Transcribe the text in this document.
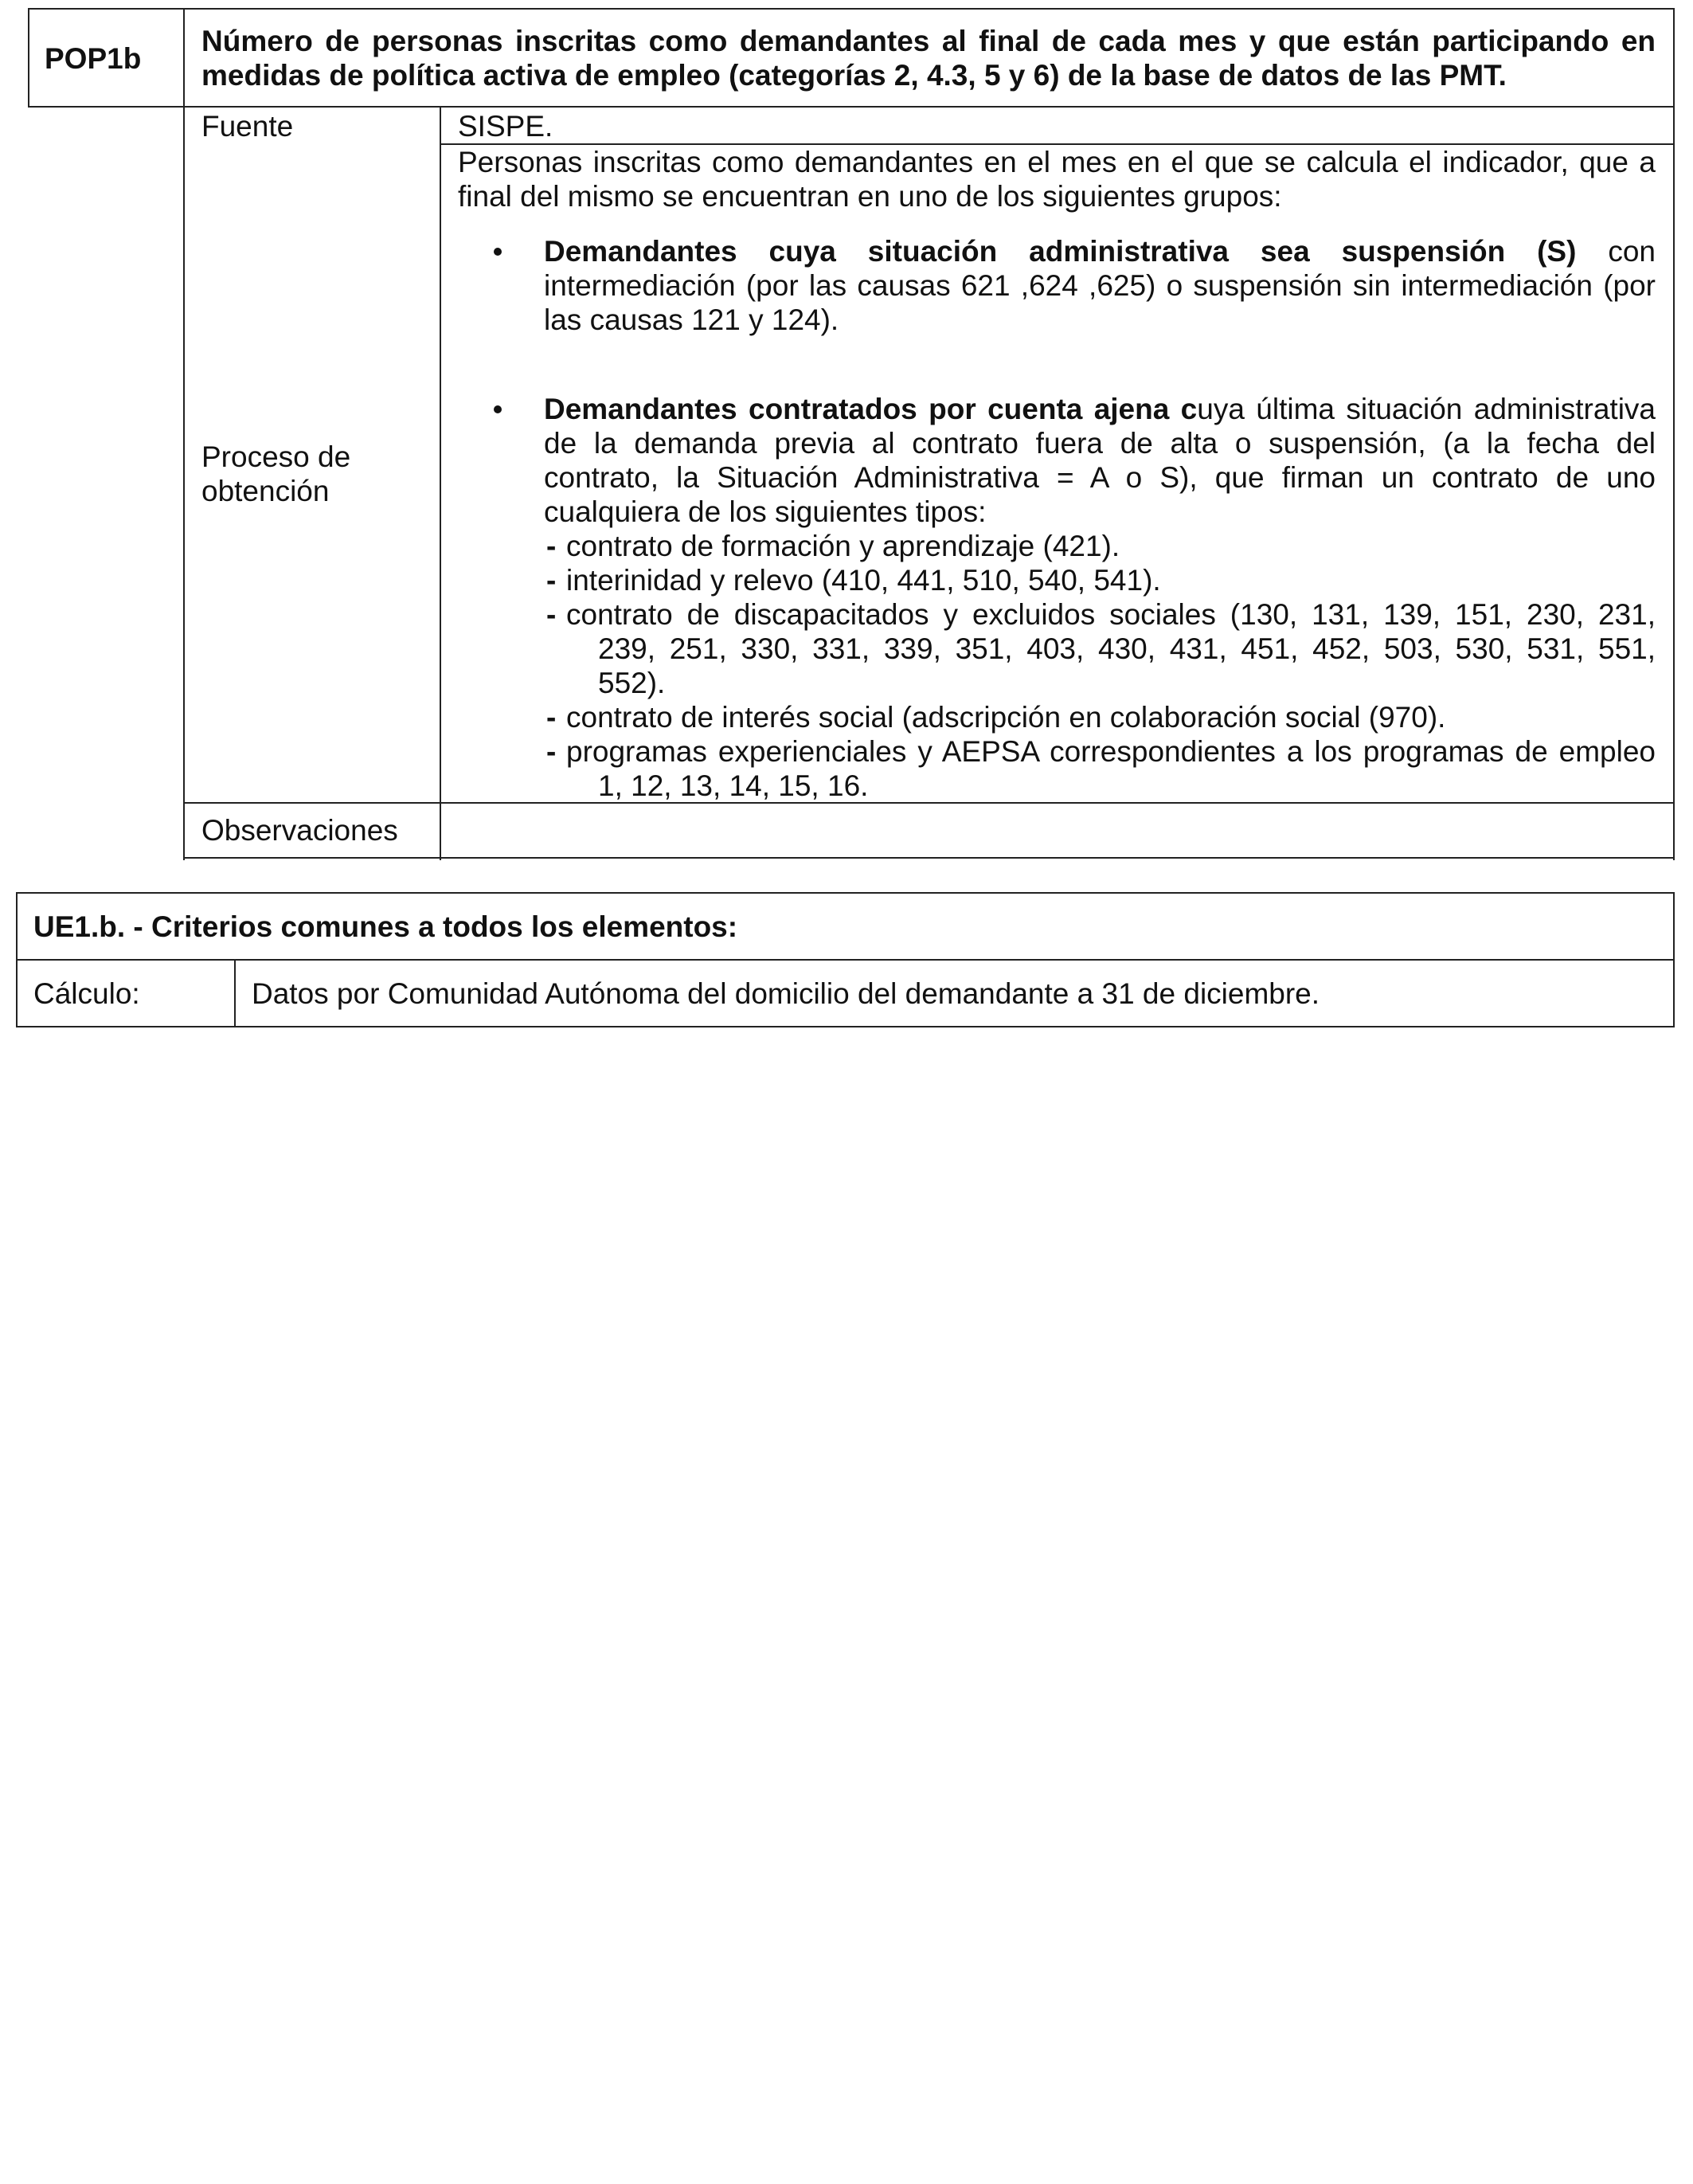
POP1b
Número de personas inscritas como demandantes al final de cada mes y que están participando en
medidas de política activa de empleo (categorías 2, 4.3, 5 y 6) de la base de datos de las PMT.
Fuente	SISPE.
Proceso de
obtención
Personas inscritas como demandantes en el mes en el que se calcula el indicador, que a
final del mismo se encuentran en uno de los siguientes grupos:
Demandantes cuya situación administrativa sea suspensión (S) con
intermediación (por las causas 621 ,624 ,625) o suspensión sin intermediación (por
las causas 121 y 124).
Demandantes contratados por cuenta ajena cuya última situación administrativa
de la demanda previa al contrato fuera de alta o suspensión, (a la fecha del
contrato, la Situación Administrativa = A o S), que firman un contrato de uno
cualquiera de los siguientes tipos:
- contrato de formación y aprendizaje (421).
- interinidad y relevo (410, 441, 510, 540, 541).
- contrato de discapacitados y excluidos sociales (130, 131, 139, 151, 230, 231,
239, 251, 330, 331, 339, 351, 403, 430, 431, 451, 452, 503, 530, 531, 551,
552).
- contrato de interés social (adscripción en colaboración social (970).
- programas experienciales y AEPSA correspondientes a los programas de empleo
1, 12, 13, 14, 15, 16.
Observaciones
UE1.b. - Criterios comunes a todos los elementos:
Cálculo:	Datos por Comunidad Autónoma del domicilio del demandante a 31 de diciembre.
